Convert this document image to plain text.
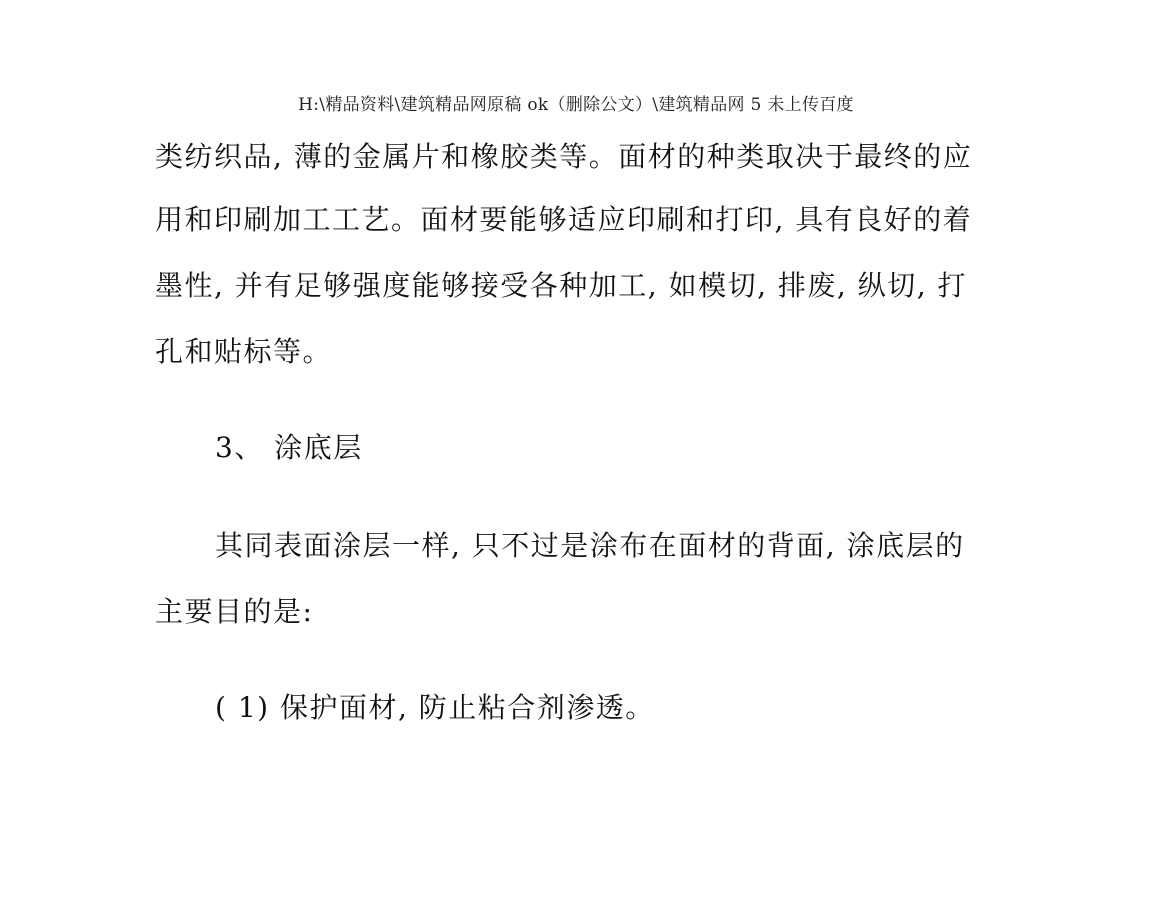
H:\精品资料\建筑精品网原稿 ok（删除公文）\建筑精品网 5 未上传百度
类纺织品, 薄的金属片和橡胶类等。面材的种类取决于最终的应
用和印刷加工工艺。面材要能够适应印刷和打印, 具有良好的着
墨性, 并有足够强度能够接受各种加工, 如模切, 排废, 纵切, 打
孔和贴标等。
3、 涂底层
其同表面涂层一样, 只不过是涂布在面材的背面, 涂底层的
主要目的是:
( 1) 保护面材, 防止粘合剂渗透。
